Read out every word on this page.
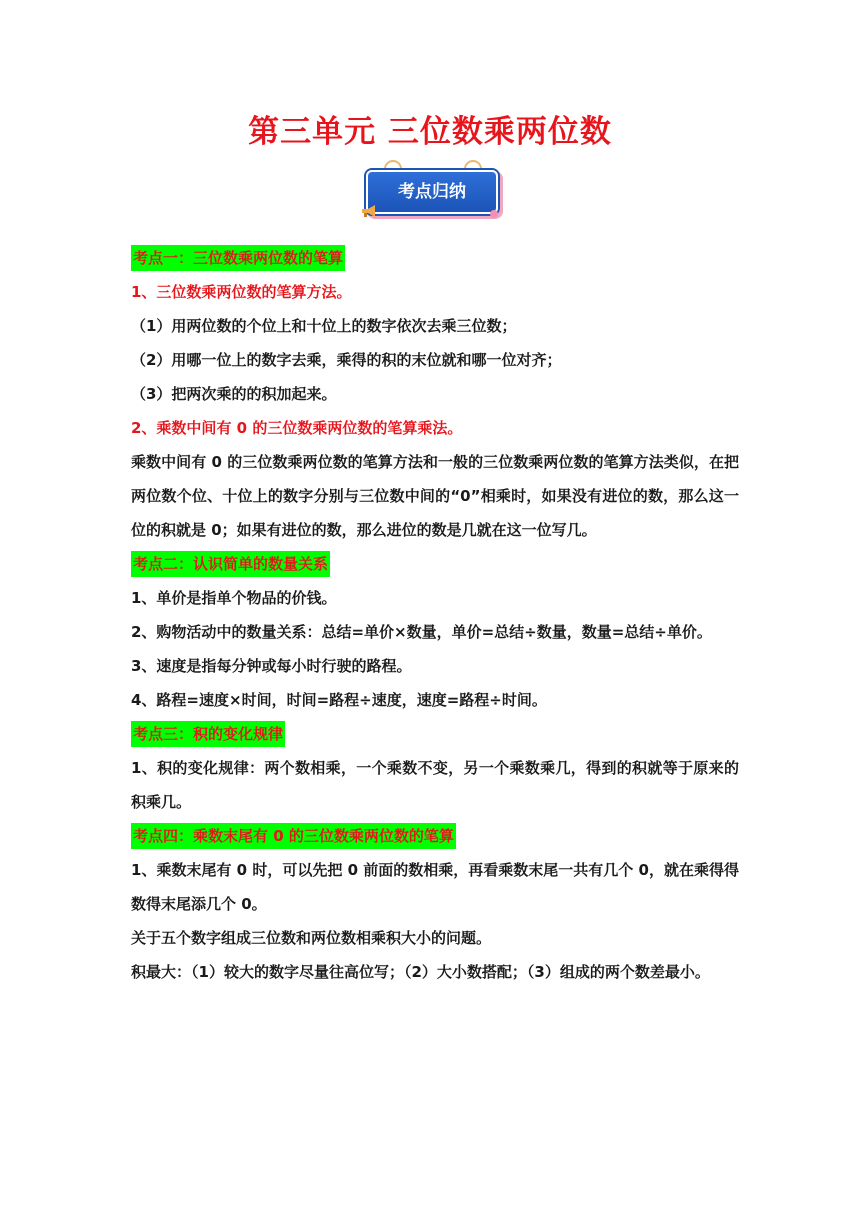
第三单元 三位数乘两位数
考点归纳
考点一：三位数乘两位数的笔算
1、三位数乘两位数的笔算方法。
（1）用两位数的个位上和十位上的数字依次去乘三位数；
（2）用哪一位上的数字去乘，乘得的积的末位就和哪一位对齐；
（3）把两次乘的的积加起来。
2、乘数中间有 0 的三位数乘两位数的笔算乘法。
乘数中间有 0 的三位数乘两位数的笔算方法和一般的三位数乘两位数的笔算方法类似，在把两位数个位、十位上的数字分别与三位数中间的“0”相乘时，如果没有进位的数，那么这一位的积就是 0；如果有进位的数，那么进位的数是几就在这一位写几。
考点二：认识简单的数量关系
1、单价是指单个物品的价钱。
2、购物活动中的数量关系：总结=单价×数量，单价=总结÷数量，数量=总结÷单价。
3、速度是指每分钟或每小时行驶的路程。
4、路程=速度×时间，时间=路程÷速度，速度=路程÷时间。
考点三：积的变化规律
1、积的变化规律：两个数相乘，一个乘数不变，另一个乘数乘几，得到的积就等于原来的积乘几。
考点四：乘数末尾有 0 的三位数乘两位数的笔算
1、乘数末尾有 0 时，可以先把 0 前面的数相乘，再看乘数末尾一共有几个 0，就在乘得得数得末尾添几个 0。
关于五个数字组成三位数和两位数相乘积大小的问题。
积最大：（1）较大的数字尽量往高位写；（2）大小数搭配；（3）组成的两个数差最小。
